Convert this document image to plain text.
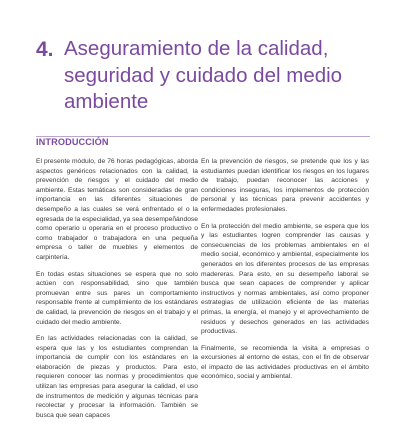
4. Aseguramiento de la calidad, seguridad y cuidado del medio ambiente
INTRODUCCIÓN

El presente módulo, de 76 horas pedagógicas, aborda aspectos genéricos relacionados con la calidad, la prevención de riesgos y el cuidado del medio ambiente. Estas temáticas son consideradas de gran importancia en las diferentes situaciones de desempeño a las cuales se verá enfrentado el o la egresada de la especialidad, ya sea desempeñándose como operario u operaria en el proceso productivo o como trabajador o trabajadora en una pequeña empresa o taller de muebles y elementos de carpintería.

En todas estas situaciones se espera que no solo actúen con responsabilidad, sino que también promuevan entre sus pares un comportamiento responsable frente al cumplimiento de los estándares de calidad, la prevención de riesgos en el trabajo y el cuidado del medio ambiente.

En las actividades relacionadas con la calidad, se espera que las y los estudiantes comprendan la importancia de cumplir con los estándares en la elaboración de piezas y productos. Para esto, requieren conocer las normas y procedimientos que utilizan las empresas para asegurar la calidad, el uso de instrumentos de medición y algunas técnicas para recolectar y procesar la información. También se busca que sean capaces

En la prevención de riesgos, se pretende que los y las estudiantes puedan identificar los riesgos en los lugares de trabajo, puedan reconocer las acciones y condiciones inseguras, los implementos de protección personal y las técnicas para prevenir accidentes y enfermedades profesionales.

En la protección del medio ambiente, se espera que los y las estudiantes logren comprender las causas y consecuencias de los problemas ambientales en el medio social, económico y ambiental, especialmente los generados en los diferentes procesos de las empresas madereras. Para esto, en su desempeño laboral se busca que sean capaces de comprender y aplicar instructivos y normas ambientales, así como proponer estrategias de utilización eficiente de las materias primas, la energía, el manejo y el aprovechamiento de residuos y desechos generados en las actividades productivas.

Finalmente, se recomienda la visita a empresas o excursiones al entorno de estas, con el fin de observar el impacto de las actividades productivas en el ámbito económico, social y ambiental.
